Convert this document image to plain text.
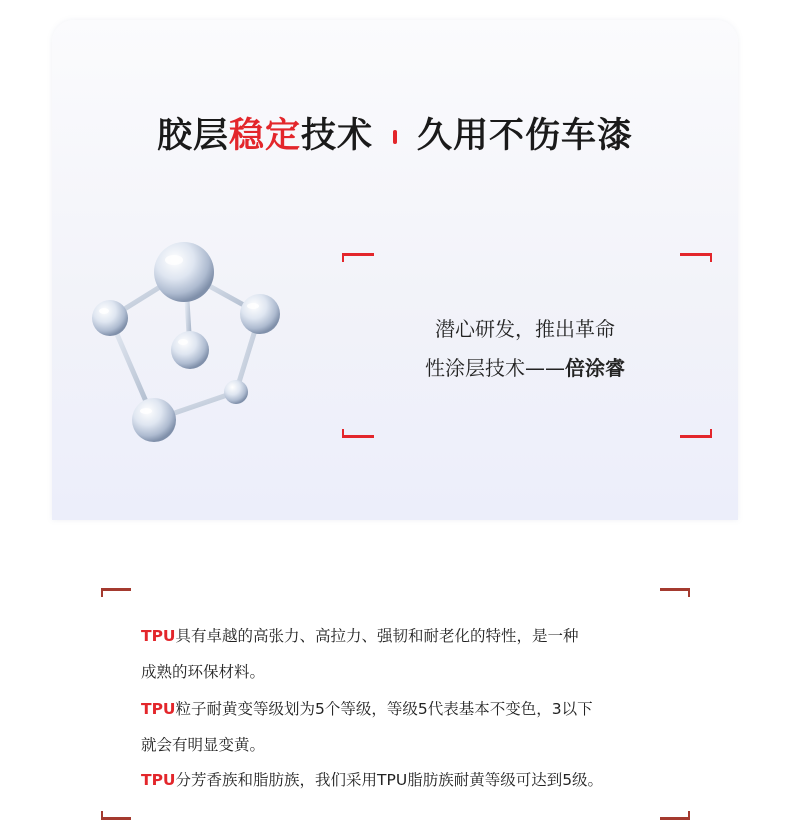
胶层稳定技术 久用不伤车漆
潜心研发，推出革命
性涂层技术——倍涂睿
TPU具有卓越的高张力、高拉力、强韧和耐老化的特性，是一种
成熟的环保材料。
TPU粒子耐黄变等级划为5个等级，等级5代表基本不变色，3以下
就会有明显变黄。
TPU分芳香族和脂肪族，我们采用TPU脂肪族耐黄等级可达到5级。
